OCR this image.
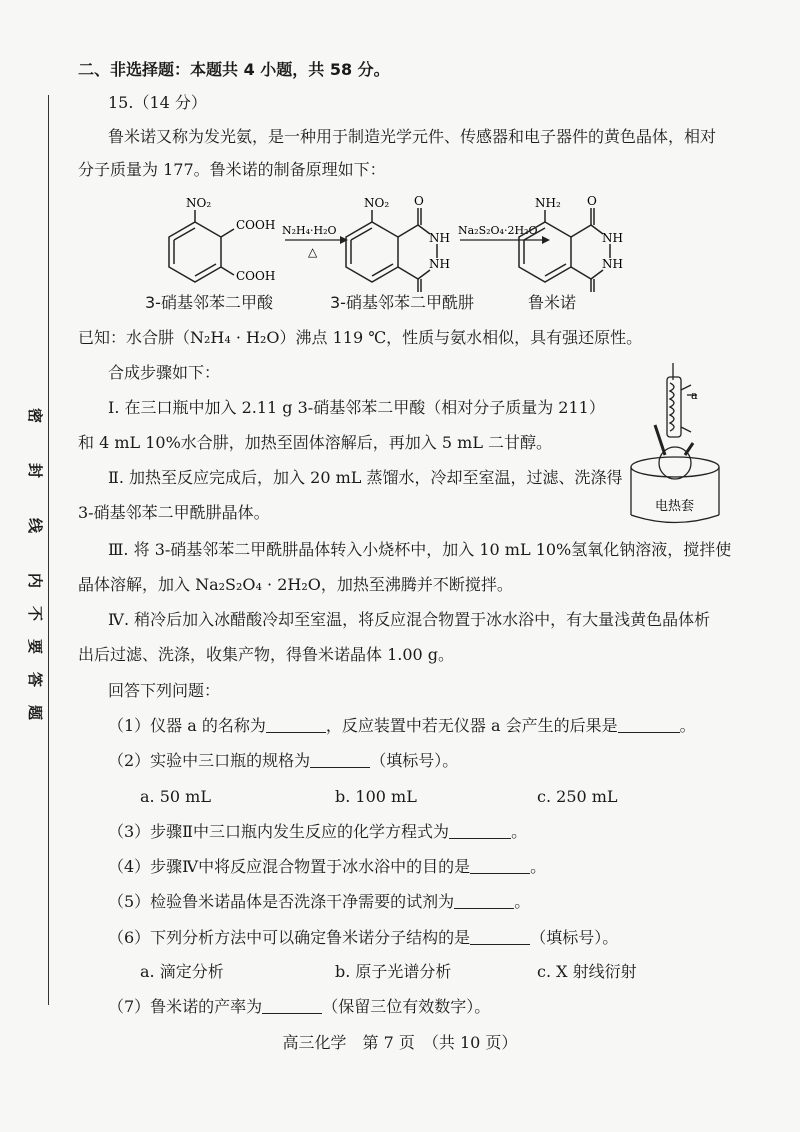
密
封
线
内
不
要
答
题
二、非选择题：本题共 4 小题，共 58 分。
15.（14 分）
鲁米诺又称为发光氨，是一种用于制造光学元件、传感器和电子器件的黄色晶体，相对
分子质量为 177。鲁米诺的制备原理如下：
NO₂
COOH
COOH
N₂H₄·H₂O
△
NO₂ O
NH
NH
Na₂S₂O₄·2H₂O
NH₂ O
NH
NH
3-硝基邻苯二甲酸	3-硝基邻苯二甲酰肼	鲁米诺
已知：水合肼（N₂H₄ · H₂O）沸点 119 ℃，性质与氨水相似，具有强还原性。
合成步骤如下：
Ⅰ. 在三口瓶中加入 2.11 g 3-硝基邻苯二甲酸（相对分子质量为 211）
和 4 mL 10%水合肼，加热至固体溶解后，再加入 5 mL 二甘醇。
Ⅱ. 加热至反应完成后，加入 20 mL 蒸馏水，冷却至室温，过滤、洗涤得
3-硝基邻苯二甲酰肼晶体。
a
电热套
Ⅲ. 将 3-硝基邻苯二甲酰肼晶体转入小烧杯中，加入 10 mL 10%氢氧化钠溶液，搅拌使
晶体溶解，加入 Na₂S₂O₄ · 2H₂O，加热至沸腾并不断搅拌。
Ⅳ. 稍冷后加入冰醋酸冷却至室温，将反应混合物置于冰水浴中，有大量浅黄色晶体析
出后过滤、洗涤，收集产物，得鲁米诺晶体 1.00 g。
回答下列问题：
（1）仪器 a 的名称为	，反应装置中若无仪器 a 会产生的后果是	。
（2）实验中三口瓶的规格为	（填标号）。
a. 50 mL	b. 100 mL	c. 250 mL
（3）步骤Ⅱ中三口瓶内发生反应的化学方程式为	。
（4）步骤Ⅳ中将反应混合物置于冰水浴中的目的是	。
（5）检验鲁米诺晶体是否洗涤干净需要的试剂为	。
（6）下列分析方法中可以确定鲁米诺分子结构的是	（填标号）。
a. 滴定分析	b. 原子光谱分析	c. X 射线衍射
（7）鲁米诺的产率为	（保留三位有效数字）。
高三化学　第 7 页　（共 10 页）
